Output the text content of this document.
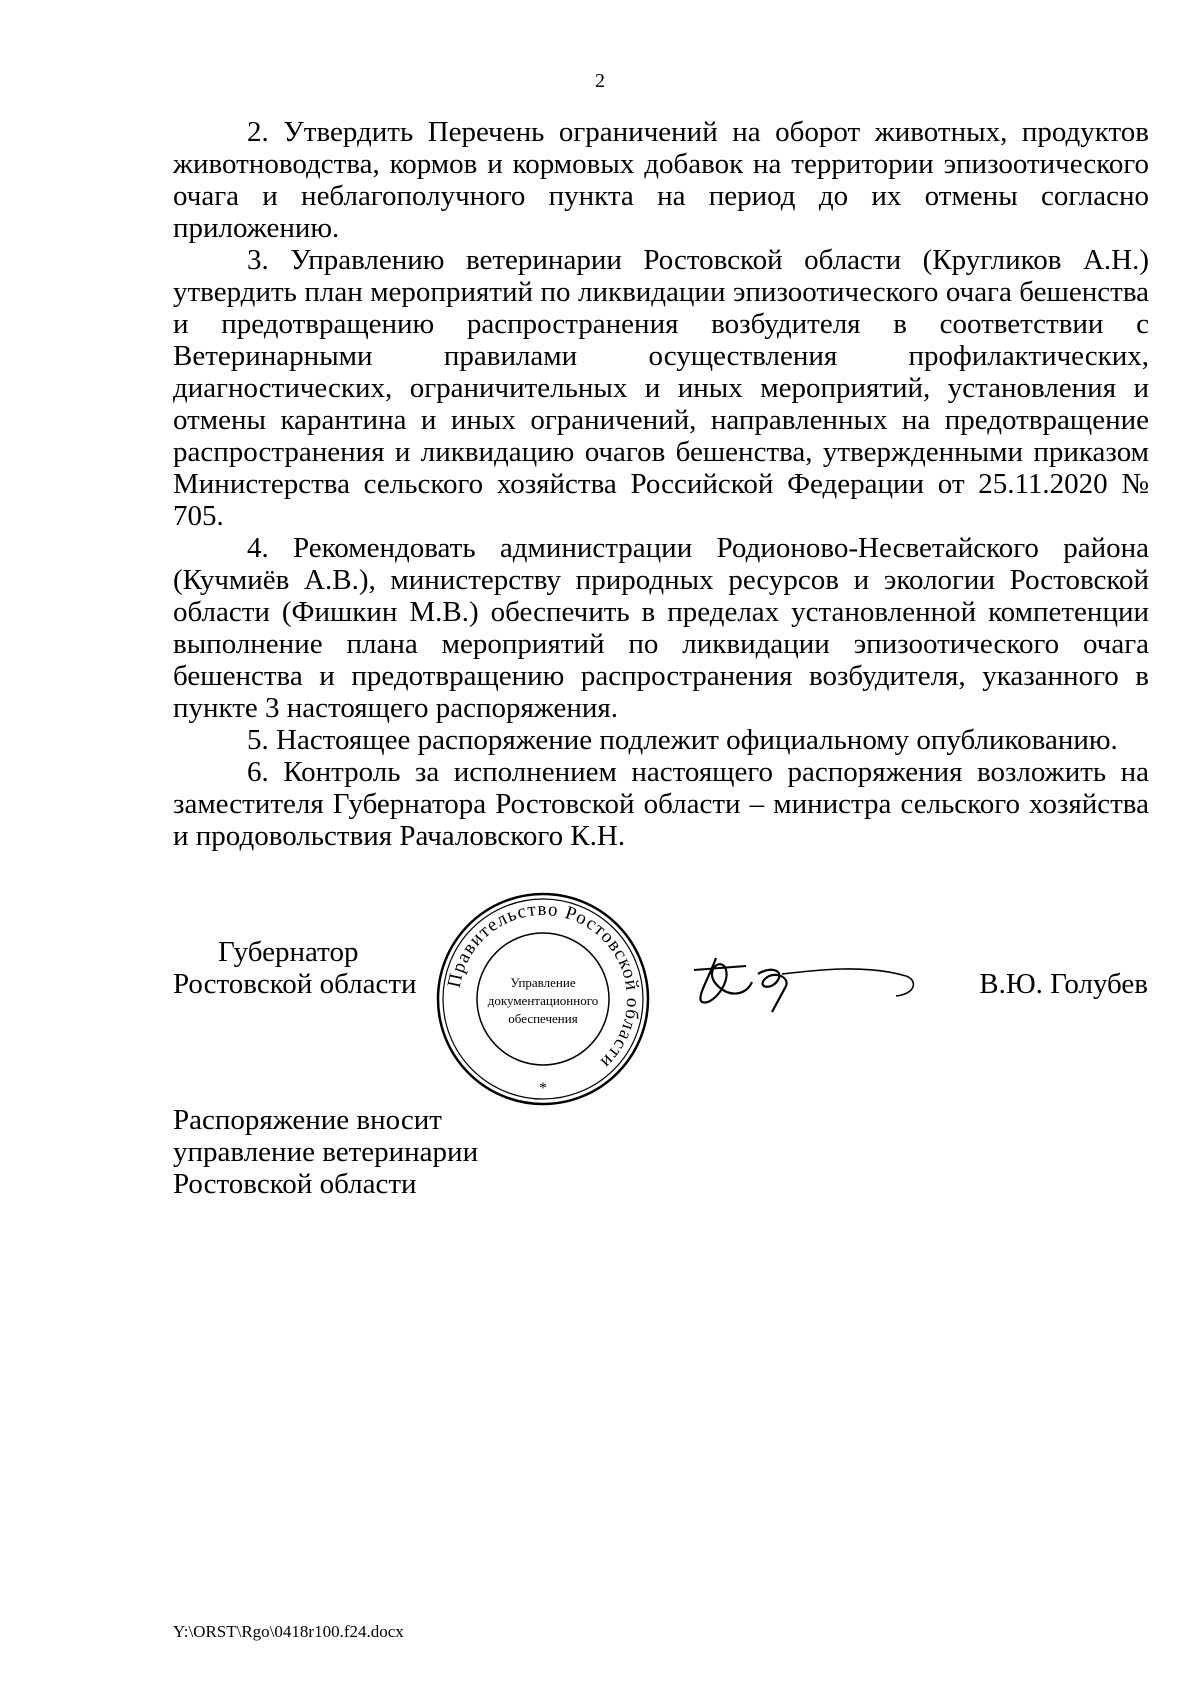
2

2. Утвердить Перечень ограничений на оборот животных, продуктов животноводства, кормов и кормовых добавок на территории эпизоотического очага и неблагополучного пункта на период до их отмены согласно приложению.

3. Управлению ветеринарии Ростовской области (Кругликов А.Н.) утвердить план мероприятий по ликвидации эпизоотического очага бешенства и предотвращению распространения возбудителя в соответствии с Ветеринарными правилами осуществления профилактических, диагностических, ограничительных и иных мероприятий, установления и отмены карантина и иных ограничений, направленных на предотвращение распространения и ликвидацию очагов бешенства, утвержденными приказом Министерства сельского хозяйства Российской Федерации от 25.11.2020 № 705.

4. Рекомендовать администрации Родионово-Несветайского района (Кучмиёв А.В.), министерству природных ресурсов и экологии Ростовской области (Фишкин М.В.) обеспечить в пределах установленной компетенции выполнение плана мероприятий по ликвидации эпизоотического очага бешенства и предотвращению распространения возбудителя, указанного в пункте 3 настоящего распоряжения.

5. Настоящее распоряжение подлежит официальному опубликованию.

6. Контроль за исполнением настоящего распоряжения возложить на заместителя Губернатора Ростовской области – министра сельского хозяйства и продовольствия Рачаловского К.Н.

Губернатор
Ростовской области Правительство Ростовской области
Управление
документационного
обеспечения
*
В.Ю. Голубев
Распоряжение вносит
управление ветеринарии
Ростовской области
Y:\ORST\Rgo\0418r100.f24.docx
